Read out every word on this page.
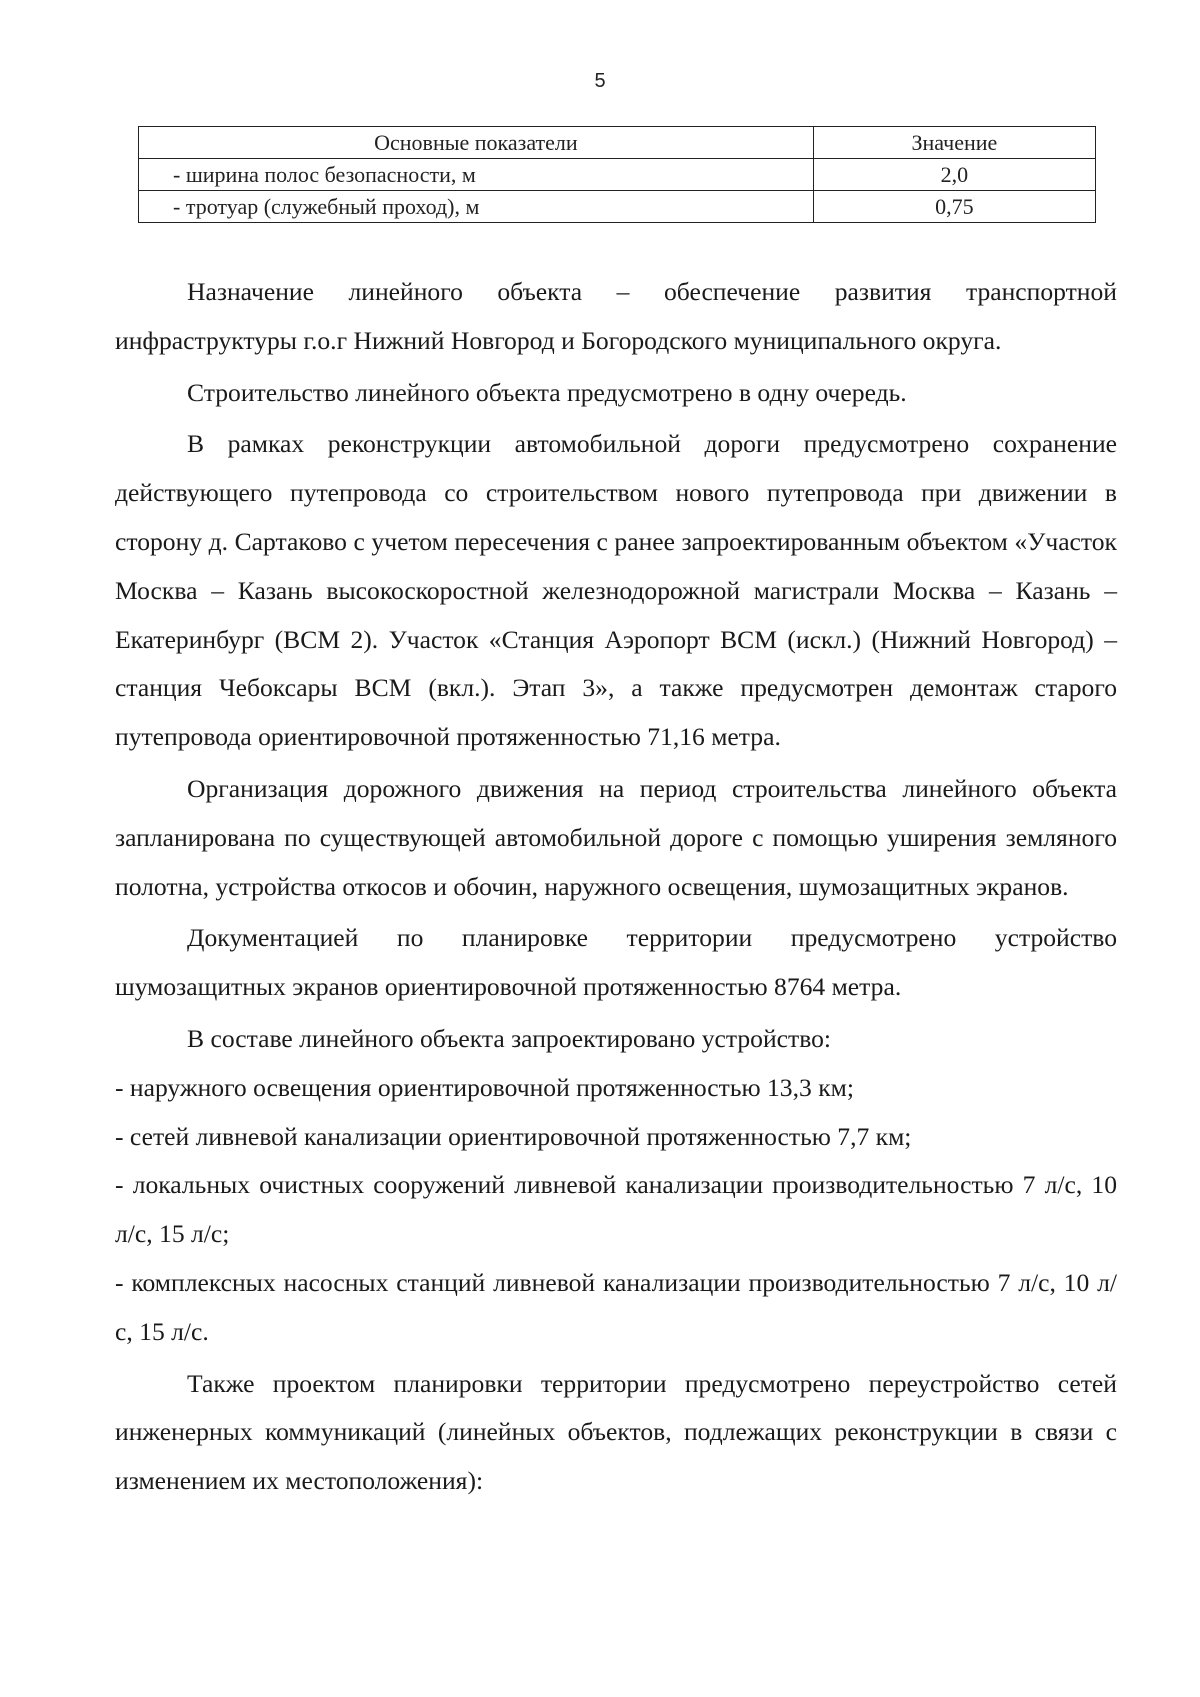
5
Основные показатели	Значение
- ширина полос безопасности, м	2,0
- тротуар (служебный проход), м	0,75

Назначение линейного объекта – обеспечение развития транспортной инфраструктуры г.о.г Нижний Новгород и Богородского муниципального округа.

Строительство линейного объекта предусмотрено в одну очередь.

В рамках реконструкции автомобильной дороги предусмотрено сохранение действующего путепровода со строительством нового путепровода при движении в сторону д. Сартаково с учетом пересечения с ранее запроектированным объектом «Участок Москва – Казань высокоскоростной железнодорожной магистрали Москва – Казань – Екатеринбург (ВСМ 2). Участок «Станция Аэропорт ВСМ (искл.) (Нижний Новгород) – станция Чебоксары ВСМ (вкл.). Этап 3», а также предусмотрен демонтаж старого путепровода ориентировочной протяженностью 71,16 метра.

Организация дорожного движения на период строительства линейного объекта запланирована по существующей автомобильной дороге с помощью уширения земляного полотна, устройства откосов и обочин, наружного освещения, шумозащитных экранов.

Документацией по планировке территории предусмотрено устройство шумозащитных экранов ориентировочной протяженностью 8764 метра.

В составе линейного объекта запроектировано устройство:

- наружного освещения ориентировочной протяженностью 13,3 км;

- сетей ливневой канализации ориентировочной протяженностью 7,7 км;

- локальных очистных сооружений ливневой канализации производительностью 7 л/с, 10 л/с, 15 л/с;

- комплексных насосных станций ливневой канализации производительностью 7 л/с, 10 л/с, 15 л/с.

Также проектом планировки территории предусмотрено переустройство сетей инженерных коммуникаций (линейных объектов, подлежащих реконструкции в связи с изменением их местоположения):
